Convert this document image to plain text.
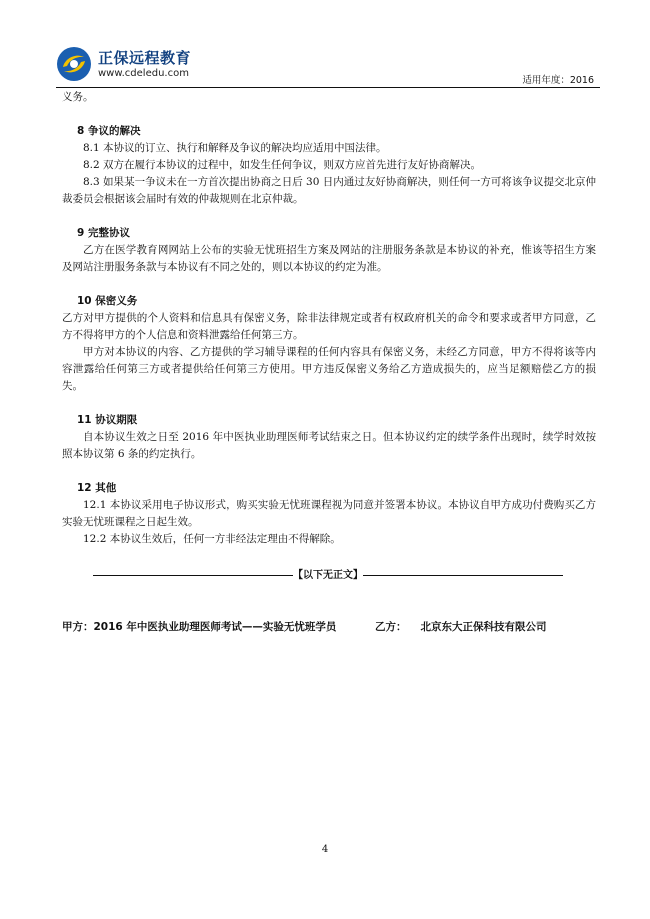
正保远程教育
www.cdeledu.com
适用年度：2016

义务。

8 争议的解决

8.1 本协议的订立、执行和解释及争议的解决均应适用中国法律。

8.2 双方在履行本协议的过程中，如发生任何争议，则双方应首先进行友好协商解决。

8.3 如果某一争议未在一方首次提出协商之日后 30 日内通过友好协商解决，则任何一方可将该争议提交北京仲裁委员会根据该会届时有效的仲裁规则在北京仲裁。

9 完整协议

乙方在医学教育网网站上公布的实验无忧班招生方案及网站的注册服务条款是本协议的补充，惟该等招生方案及网站注册服务条款与本协议有不同之处的，则以本协议的约定为准。

10 保密义务

乙方对甲方提供的个人资料和信息具有保密义务，除非法律规定或者有权政府机关的命令和要求或者甲方同意，乙方不得将甲方的个人信息和资料泄露给任何第三方。

甲方对本协议的内容、乙方提供的学习辅导课程的任何内容具有保密义务，未经乙方同意，甲方不得将该等内容泄露给任何第三方或者提供给任何第三方使用。甲方违反保密义务给乙方造成损失的，应当足额赔偿乙方的损失。

11 协议期限

自本协议生效之日至 2016 年中医执业助理医师考试结束之日。但本协议约定的续学条件出现时，续学时效按照本协议第 6 条的约定执行。

12 其他

12.1 本协议采用电子协议形式，购买实验无忧班课程视为同意并签署本协议。本协议自甲方成功付费购买乙方实验无忧班课程之日起生效。

12.2 本协议生效后，任何一方非经法定理由不得解除。

【以下无正文】
甲方：2016 年中医执业助理医师考试——实验无忧班学员	乙方： 北京东大正保科技有限公司
4
